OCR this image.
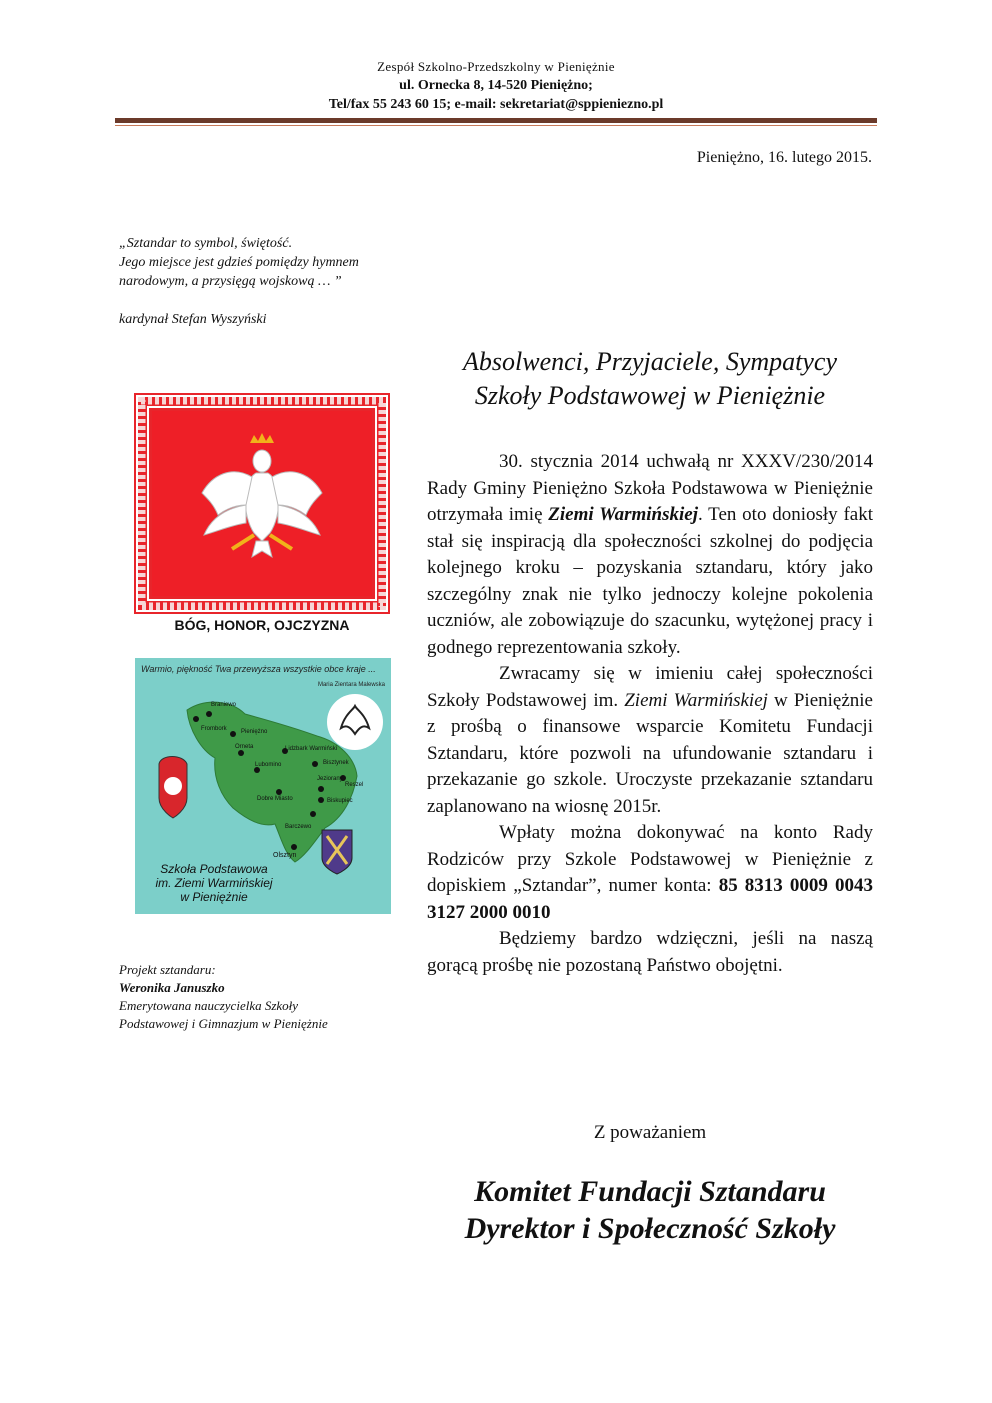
Zespół Szkolno-Przedszkolny w Pieniężnie
ul. Ornecka 8, 14-520 Pieniężno;
Tel/fax 55 243 60 15; e-mail: sekretariat@sppieniezno.pl
Pieniężno, 16. lutego 2015.
„Sztandar to symbol, świętość.
Jego miejsce jest gdzieś pomiędzy hymnem
narodowym, a przysięgą wojskową … ”
kardynał Stefan Wyszyński
BÓG, HONOR, OJCZYZNA
Warmio, piękność Twa przewyższa wszystkie obce kraje ...
Maria Zientara Malewska
Braniewo
Frombork Pieniężno
Orneta	Lidzbark Warmiński
Lubomino	Bisztynek
Jeziorany
Reszel
Dobre Miasto	Biskupiec
Barczewo
Olsztyn
Szkoła Podstawowa
im. Ziemi Warmińskiej
w Pieniężnie
Projekt sztandaru:
Weronika Januszko
Emerytowana nauczycielka Szkoły
Podstawowej i Gimnazjum w Pieniężnie
Absolwenci, Przyjaciele, Sympatycy
Szkoły Podstawowej w Pieniężnie

30. stycznia 2014 uchwałą nr XXXV/230/2014 Rady Gminy Pieniężno Szkoła Podstawowa w Pieniężnie otrzymała imię Ziemi Warmińskiej. Ten oto doniosły fakt stał się inspiracją dla społeczności szkolnej do podjęcia kolejnego kroku – pozyskania sztandaru, który jako szczególny znak nie tylko jednoczy kolejne pokolenia uczniów, ale zobowiązuje do szacunku, wytężonej pracy i godnego reprezentowania szkoły.

Zwracamy się w imieniu całej społeczności Szkoły Podstawowej im. Ziemi Warmińskiej w Pieniężnie z prośbą o finansowe wsparcie Komitetu Fundacji Sztandaru, które pozwoli na ufundowanie sztandaru i przekazanie go szkole. Uroczyste przekazanie sztandaru zaplanowano na wiosnę 2015r.

Wpłaty można dokonywać na konto Rady Rodziców przy Szkole Podstawowej w Pieniężnie z dopiskiem „Sztandar”, numer konta: 85 8313 0009 0043 3127 2000 0010

Będziemy bardzo wdzięczni, jeśli na naszą gorącą prośbę nie pozostaną Państwo obojętni.

Z poważaniem
Komitet Fundacji Sztandaru
Dyrektor i Społeczność Szkoły
